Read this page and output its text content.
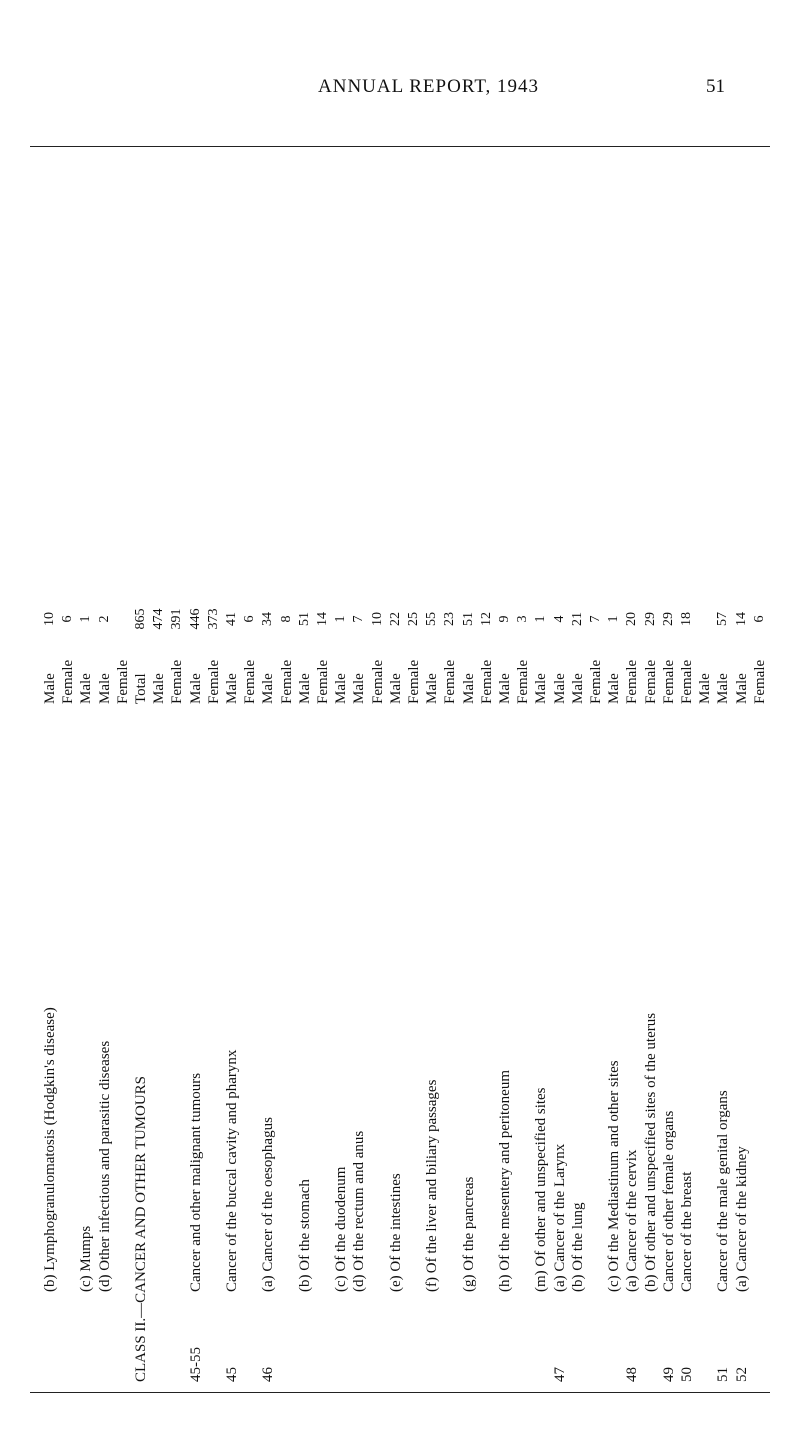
ANNUAL REPORT, 1943	51
(b) Lymphogranulomatosis (Hodgkin's disease)
Male
10
Female
6
(c) Mumps
Male
1
(d) Other infectious and parasitic diseases
Male
2
Female
CLASS II.—CANCER AND OTHER TUMOURS
Total
865
Male
474
Female
391
45-55
Cancer and other malignant tumours
Male
446
Female
373
45
Cancer of the buccal cavity and pharynx
Male
41
Female
6
46
(a) Cancer of the oesophagus
Male
34
Female
8
(b) Of the stomach
Male
51
Female
14
(c) Of the duodenum
Male
1
(d) Of the rectum and anus
Male
7
Female
10
(e) Of the intestines
Male
22
Female
25
(f) Of the liver and biliary passages
Male
55
Female
23
(g) Of the pancreas
Male
51
Female
12
(h) Of the mesentery and peritoneum
Male
9
Female
3
(m) Of other and unspecified sites
Male
1
47
(a) Cancer of the Larynx
Male
4
(b) Of the lung
Male
21
Female
7
(c) Of the Mediastinum and other sites
Male
1
48
(a) Cancer of the cervix
Female
20
(b) Of other and unspecified sites of the uterus
Female
29
49
Cancer of other female organs
Female
29
50
Cancer of the breast
Female
18
Male
51
Cancer of the male genital organs
Male
57
52
(a) Cancer of the kidney
Male
14
Female
6
